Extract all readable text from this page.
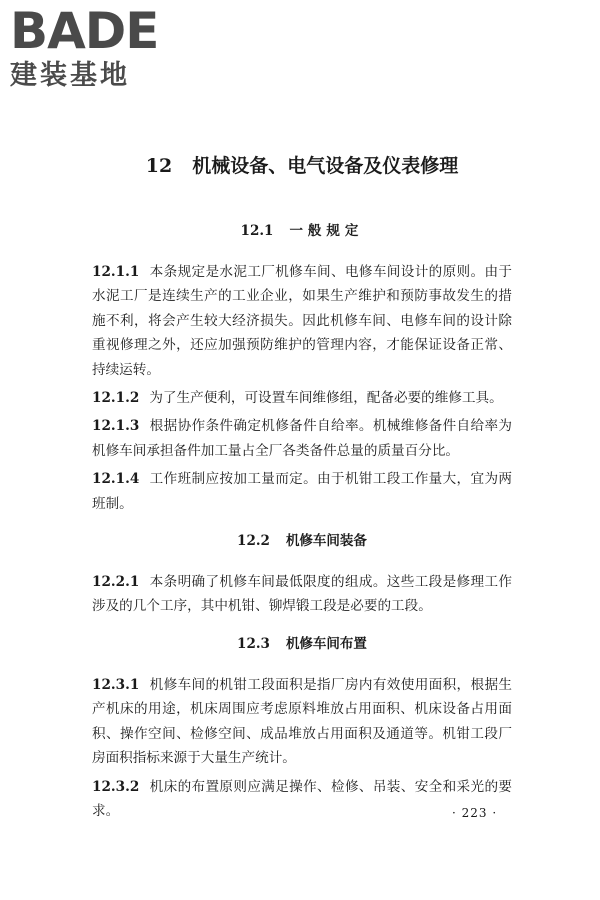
BADE
建装基地
12 机械设备、电气设备及仪表修理
12.1 一般规定

12.1.1 本条规定是水泥工厂机修车间、电修车间设计的原则。由于水泥工厂是连续生产的工业企业，如果生产维护和预防事故发生的措施不利，将会产生较大经济损失。因此机修车间、电修车间的设计除重视修理之外，还应加强预防维护的管理内容，才能保证设备正常、持续运转。

12.1.2 为了生产便利，可设置车间维修组，配备必要的维修工具。

12.1.3 根据协作条件确定机修备件自给率。机械维修备件自给率为机修车间承担备件加工量占全厂各类备件总量的质量百分比。

12.1.4 工作班制应按加工量而定。由于机钳工段工作量大，宜为两班制。

12.2 机修车间装备

12.2.1 本条明确了机修车间最低限度的组成。这些工段是修理工作涉及的几个工序，其中机钳、铆焊锻工段是必要的工段。

12.3 机修车间布置

12.3.1 机修车间的机钳工段面积是指厂房内有效使用面积，根据生产机床的用途，机床周围应考虑原料堆放占用面积、机床设备占用面积、操作空间、检修空间、成品堆放占用面积及通道等。机钳工段厂房面积指标来源于大量生产统计。

12.3.2 机床的布置原则应满足操作、检修、吊装、安全和采光的要求。	· 223 ·
